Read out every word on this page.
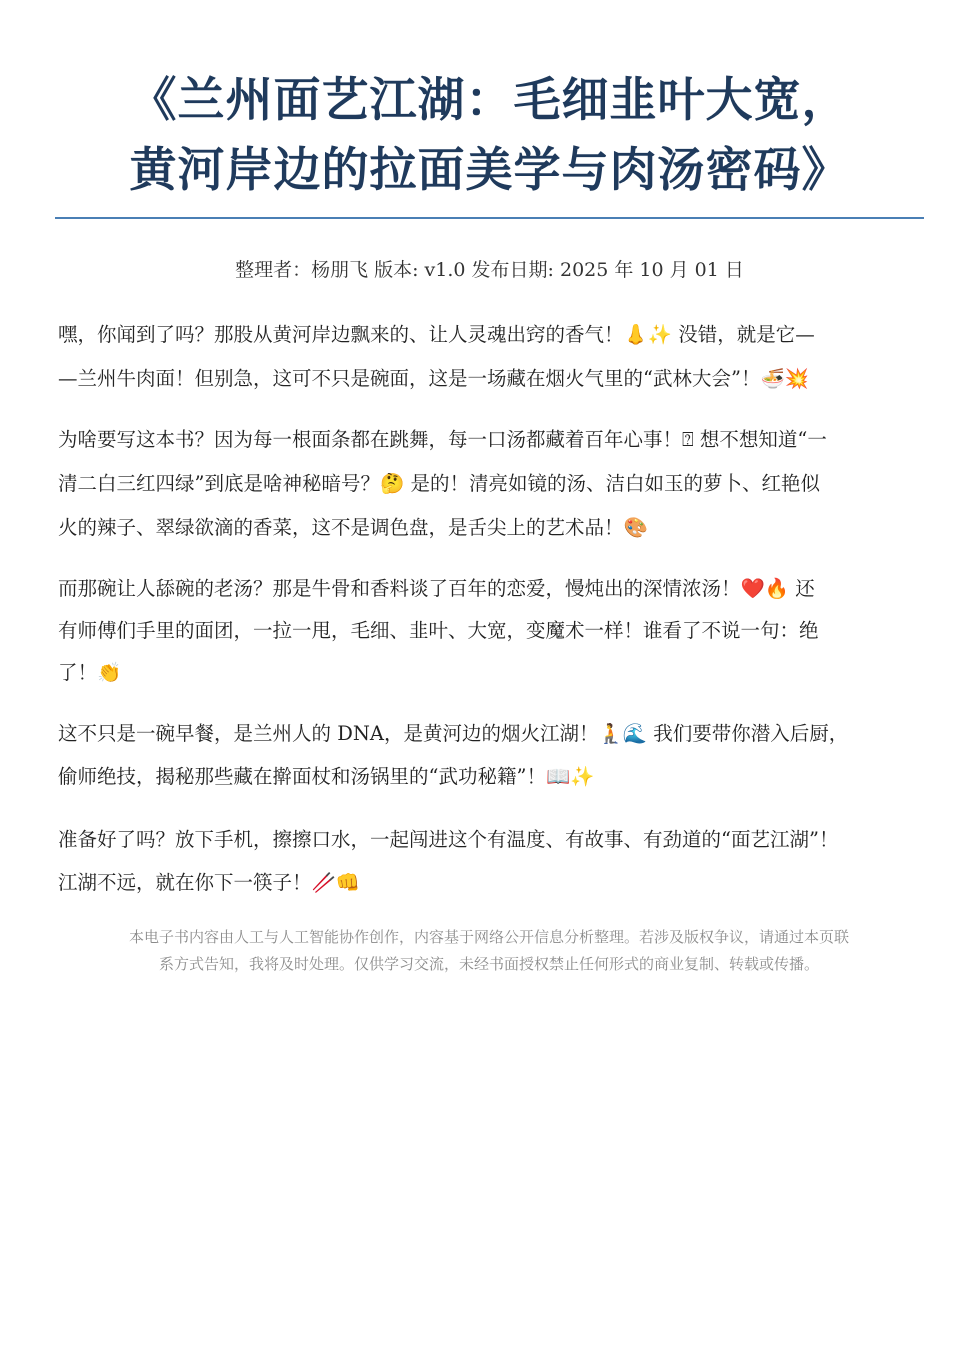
《兰州面艺江湖：毛细韭叶大宽，
黄河岸边的拉面美学与肉汤密码》
整理者：杨朋飞 版本: v1.0 发布日期: 2025 年 10 月 01 日
嘿，你闻到了吗？那股从黄河岸边飘来的、让人灵魂出窍的香气！👃✨ 没错，就是它—
—兰州牛肉面！但别急，这可不只是碗面，这是一场藏在烟火气里的“武林大会”！🍜💥
为啥要写这本书？因为每一根面条都在跳舞，每一口汤都藏着百年心事！⍰ 想不想知道“一
清二白三红四绿”到底是啥神秘暗号？🤔 是的！清亮如镜的汤、洁白如玉的萝卜、红艳似
火的辣子、翠绿欲滴的香菜，这不是调色盘，是舌尖上的艺术品！🎨
而那碗让人舔碗的老汤？那是牛骨和香料谈了百年的恋爱，慢炖出的深情浓汤！❤️🔥 还
有师傅们手里的面团，一拉一甩，毛细、韭叶、大宽，变魔术一样！谁看了不说一句：绝
了！👏
这不只是一碗早餐，是兰州人的 DNA，是黄河边的烟火江湖！🧎🌊 我们要带你潜入后厨，
偷师绝技，揭秘那些藏在擀面杖和汤锅里的“武功秘籍”！📖✨
准备好了吗？放下手机，擦擦口水，一起闯进这个有温度、有故事、有劲道的“面艺江湖”！
江湖不远，就在你下一筷子！🥢👊
本电子书内容由人工与人工智能协作创作，内容基于网络公开信息分析整理。若涉及版权争议，请通过本页联
系方式告知，我将及时处理。仅供学习交流，未经书面授权禁止任何形式的商业复制、转载或传播。
